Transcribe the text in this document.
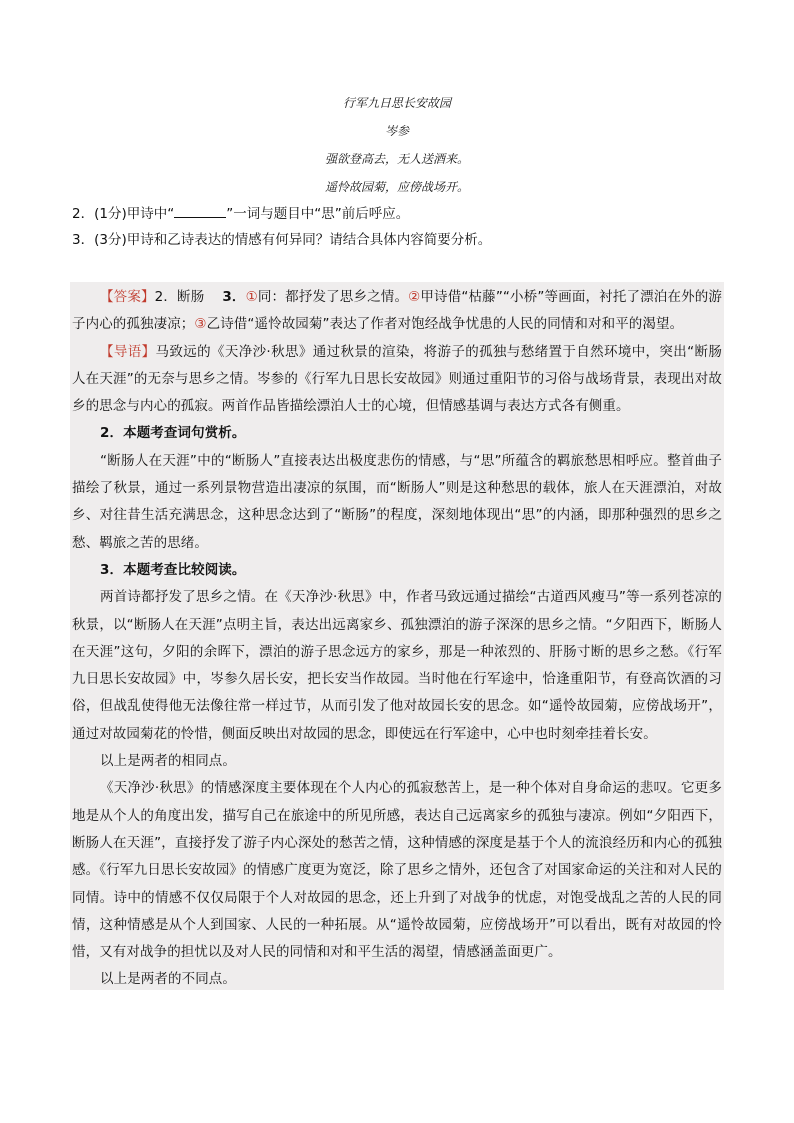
行军九日思长安故园
岑参
强欲登高去，无人送酒来。
遥怜故园菊，应傍战场开。
2．(1分)甲诗中“	”一词与题目中“思”前后呼应。
3．(3分)甲诗和乙诗表达的情感有何异同？请结合具体内容简要分析。

【答案】2．断肠 3．①同：都抒发了思乡之情。②甲诗借“枯藤”“小桥”等画面，衬托了漂泊在外的游子内心的孤独凄凉；③乙诗借“遥怜故园菊”表达了作者对饱经战争忧患的人民的同情和对和平的渴望。

【导语】马致远的《天净沙·秋思》通过秋景的渲染，将游子的孤独与愁绪置于自然环境中，突出“断肠人在天涯”的无奈与思乡之情。岑参的《行军九日思长安故园》则通过重阳节的习俗与战场背景，表现出对故乡的思念与内心的孤寂。两首作品皆描绘漂泊人士的心境，但情感基调与表达方式各有侧重。

2．本题考查词句赏析。

“断肠人在天涯”中的“断肠人”直接表达出极度悲伤的情感，与“思”所蕴含的羁旅愁思相呼应。整首曲子描绘了秋景，通过一系列景物营造出凄凉的氛围，而“断肠人”则是这种愁思的载体，旅人在天涯漂泊，对故乡、对往昔生活充满思念，这种思念达到了“断肠”的程度，深刻地体现出“思”的内涵，即那种强烈的思乡之愁、羁旅之苦的思绪。

3．本题考查比较阅读。

两首诗都抒发了思乡之情。在《天净沙·秋思》中，作者马致远通过描绘“古道西风瘦马”等一系列苍凉的秋景，以“断肠人在天涯”点明主旨，表达出远离家乡、孤独漂泊的游子深深的思乡之情。“夕阳西下，断肠人在天涯”这句，夕阳的余晖下，漂泊的游子思念远方的家乡，那是一种浓烈的、肝肠寸断的思乡之愁。《行军九日思长安故园》中，岑参久居长安，把长安当作故园。当时他在行军途中，恰逢重阳节，有登高饮酒的习俗，但战乱使得他无法像往常一样过节，从而引发了他对故园长安的思念。如“遥怜故园菊，应傍战场开”，通过对故园菊花的怜惜，侧面反映出对故园的思念，即使远在行军途中，心中也时刻牵挂着长安。

以上是两者的相同点。

《天净沙·秋思》的情感深度主要体现在个人内心的孤寂愁苦上，是一种个体对自身命运的悲叹。它更多地是从个人的角度出发，描写自己在旅途中的所见所感，表达自己远离家乡的孤独与凄凉。例如“夕阳西下，断肠人在天涯”，直接抒发了游子内心深处的愁苦之情，这种情感的深度是基于个人的流浪经历和内心的孤独感。《行军九日思长安故园》的情感广度更为宽泛，除了思乡之情外，还包含了对国家命运的关注和对人民的同情。诗中的情感不仅仅局限于个人对故园的思念，还上升到了对战争的忧虑，对饱受战乱之苦的人民的同情，这种情感是从个人到国家、人民的一种拓展。从“遥怜故园菊，应傍战场开”可以看出，既有对故园的怜惜，又有对战争的担忧以及对人民的同情和对和平生活的渴望，情感涵盖面更广。

以上是两者的不同点。
